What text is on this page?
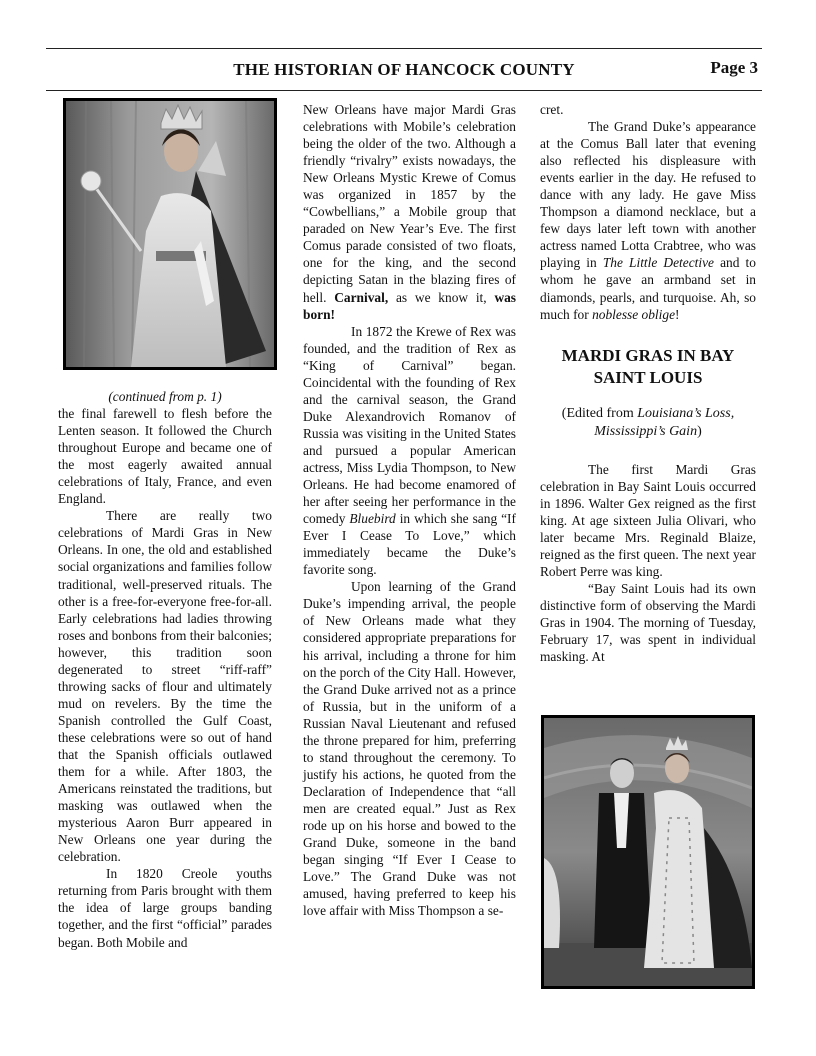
THE HISTORIAN OF HANCOCK COUNTY	Page 3

(continued from p. 1)

the final farewell to flesh before the Lenten season. It followed the Church throughout Europe and became one of the most eagerly awaited annual celebrations of Italy, France, and even England.

There are really two celebrations of Mardi Gras in New Orleans. In one, the old and established social organizations and families follow traditional, well-preserved rituals. The other is a free-for-everyone free-for-all. Early celebrations had ladies throwing roses and bonbons from their balconies; however, this tradition soon degenerated to street “riff-raff” throwing sacks of flour and ultimately mud on revelers. By the time the Spanish controlled the Gulf Coast, these celebrations were so out of hand that the Spanish officials outlawed them for a while. After 1803, the Americans reinstated the traditions, but masking was outlawed when the mysterious Aaron Burr appeared in New Orleans one year during the celebration.

In 1820 Creole youths returning from Paris brought with them the idea of large groups banding together, and the first “official” parades began. Both Mobile and

New Orleans have major Mardi Gras celebrations with Mobile’s celebration being the older of the two. Although a friendly “rivalry” exists nowadays, the New Orleans Mystic Krewe of Comus was organized in 1857 by the “Cowbellians,” a Mobile group that paraded on New Year’s Eve. The first Comus parade consisted of two floats, one for the king, and the second depicting Satan in the blazing fires of hell. Carnival, as we know it, was born!

In 1872 the Krewe of Rex was founded, and the tradition of Rex as “King of Carnival” began. Coincidental with the founding of Rex and the carnival season, the Grand Duke Alexandrovich Romanov of Russia was visiting in the United States and pursued a popular American actress, Miss Lydia Thompson, to New Orleans. He had become enamored of her after seeing her performance in the comedy Bluebird in which she sang “If Ever I Cease To Love,” which immediately became the Duke’s favorite song.

Upon learning of the Grand Duke’s impending arrival, the people of New Orleans made what they considered appropriate preparations for his arrival, including a throne for him on the porch of the City Hall. However, the Grand Duke arrived not as a prince of Russia, but in the uniform of a Russian Naval Lieutenant and refused the throne prepared for him, preferring to stand throughout the ceremony. To justify his actions, he quoted from the Declaration of Independence that “all men are created equal.” Just as Rex rode up on his horse and bowed to the Grand Duke, someone in the band began singing “If Ever I Cease to Love.” The Grand Duke was not amused, having preferred to keep his love affair with Miss Thompson a se-

cret.

The Grand Duke’s appearance at the Comus Ball later that evening also reflected his displeasure with events earlier in the day. He refused to dance with any lady. He gave Miss Thompson a diamond necklace, but a few days later left town with another actress named Lotta Crabtree, who was playing in The Little Detective and to whom he gave an armband set in diamonds, pearls, and turquoise. Ah, so much for noblesse oblige!

MARDI GRAS IN BAY SAINT LOUIS
(Edited from Louisiana’s Loss, Mississippi’s Gain)

The first Mardi Gras celebration in Bay Saint Louis occurred in 1896. Walter Gex reigned as the first king. At age sixteen Julia Olivari, who later became Mrs. Reginald Blaize, reigned as the first queen. The next year Robert Perre was king.

“Bay Saint Louis had its own distinctive form of observing the Mardi Gras in 1904. The morning of Tuesday, February 17, was spent in individual masking. At
